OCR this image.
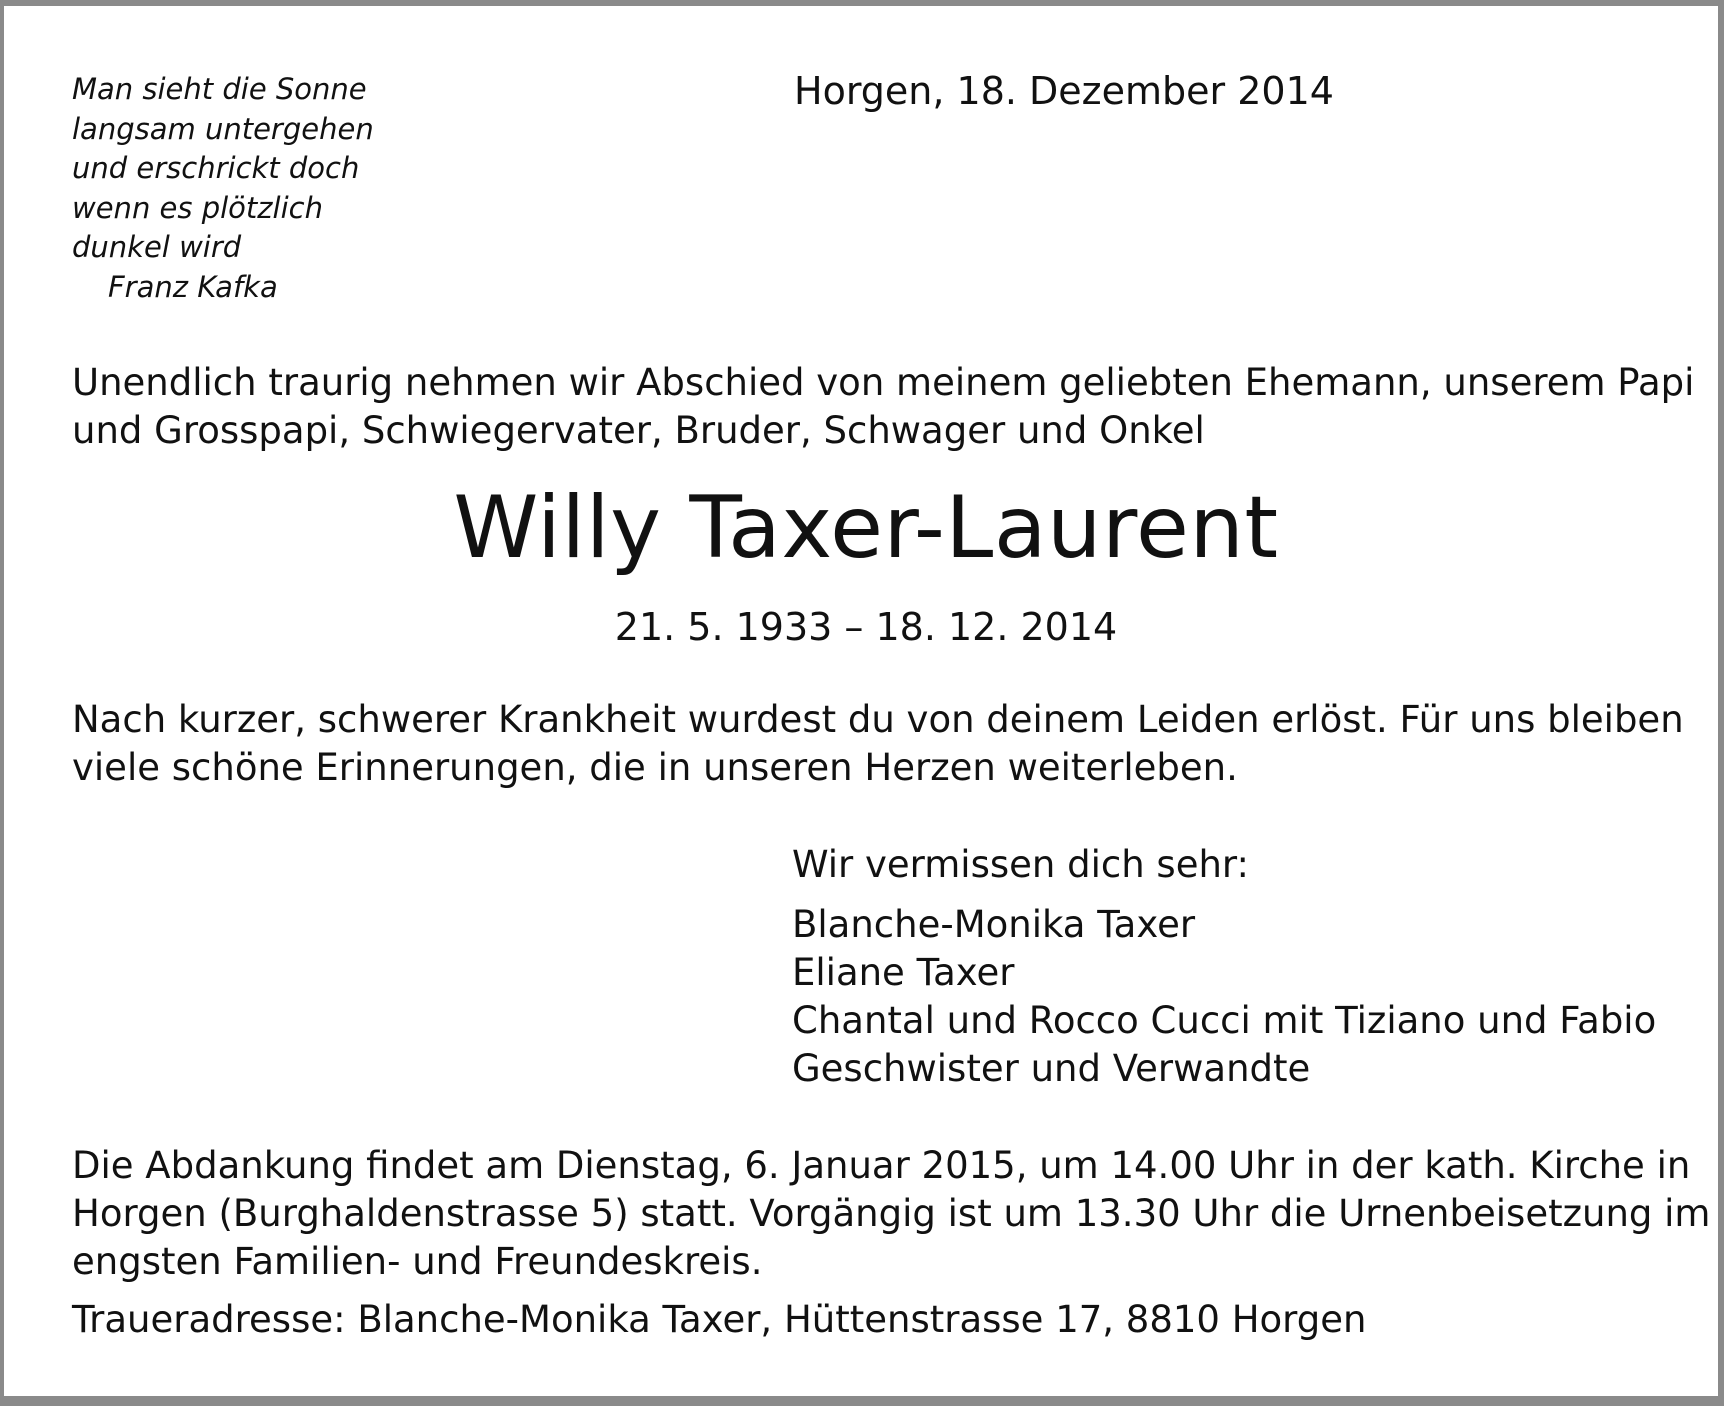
Man sieht die Sonne
langsam untergehen
und erschrickt doch
wenn es plötzlich
dunkel wird
Franz Kafka
Horgen, 18. Dezember 2014
Unendlich traurig nehmen wir Abschied von meinem geliebten Ehemann, unserem Papi
und Grosspapi, Schwiegervater, Bruder, Schwager und Onkel
Willy Taxer-Laurent
21. 5. 1933 – 18. 12. 2014
Nach kurzer, schwerer Krankheit wurdest du von deinem Leiden erlöst. Für uns bleiben
viele schöne Erinnerungen, die in unseren Herzen weiterleben.
Wir vermissen dich sehr:
Blanche-Monika Taxer
Eliane Taxer
Chantal und Rocco Cucci mit Tiziano und Fabio
Geschwister und Verwandte
Die Abdankung findet am Dienstag, 6. Januar 2015, um 14.00 Uhr in der kath. Kirche in
Horgen (Burghaldenstrasse 5) statt. Vorgängig ist um 13.30 Uhr die Urnenbeisetzung im
engsten Familien- und Freundeskreis.
Traueradresse: Blanche-Monika Taxer, Hüttenstrasse 17, 8810 Horgen
